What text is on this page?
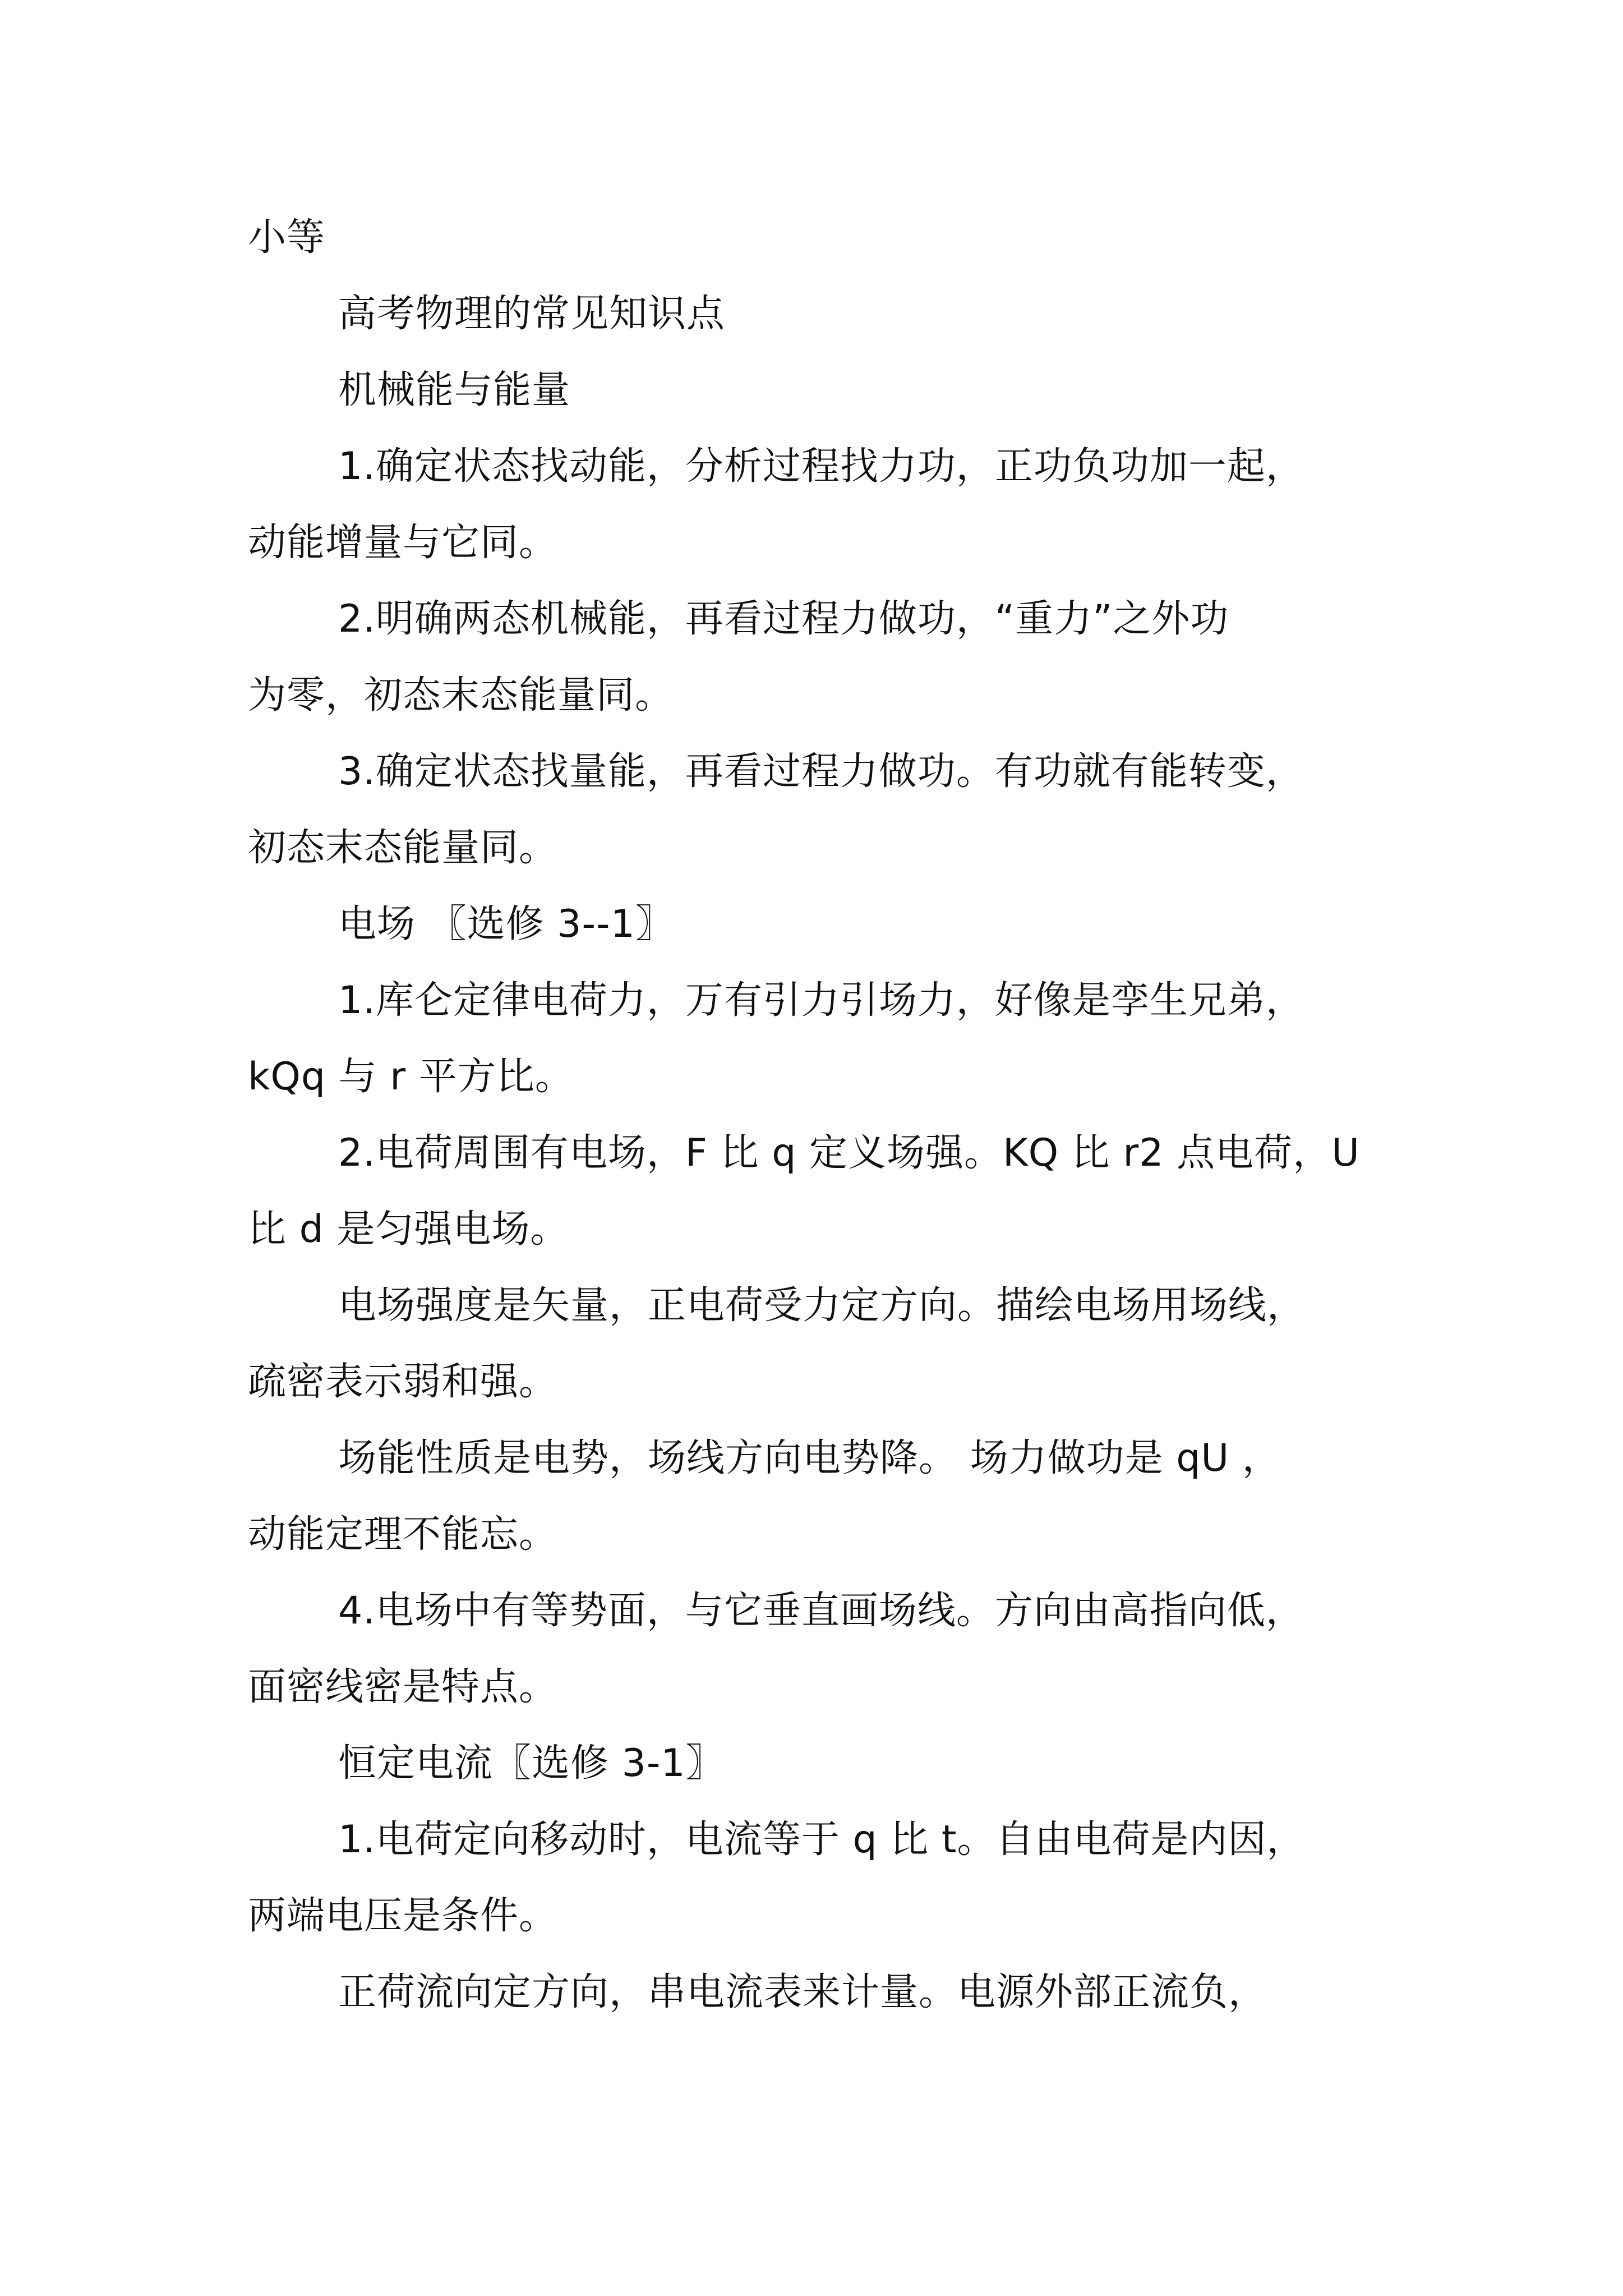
小等
高考物理的常见知识点
机械能与能量
1.确定状态找动能，分析过程找力功，正功负功加一起，
动能增量与它同。
2.明确两态机械能，再看过程力做功，“重力”之外功
为零，初态末态能量同。
3.确定状态找量能，再看过程力做功。有功就有能转变，
初态末态能量同。
电场 〖选修 3--1〗
1.库仑定律电荷力，万有引力引场力，好像是孪生兄弟，
kQq 与 r 平方比。
2.电荷周围有电场，F 比 q 定义场强。KQ 比 r2 点电荷，U
比 d 是匀强电场。
电场强度是矢量，正电荷受力定方向。描绘电场用场线，
疏密表示弱和强。
场能性质是电势，场线方向电势降。 场力做功是 qU ，
动能定理不能忘。
4.电场中有等势面，与它垂直画场线。方向由高指向低，
面密线密是特点。
恒定电流〖选修 3-1〗
1.电荷定向移动时，电流等于 q 比 t。自由电荷是内因，
两端电压是条件。
正荷流向定方向，串电流表来计量。电源外部正流负，
